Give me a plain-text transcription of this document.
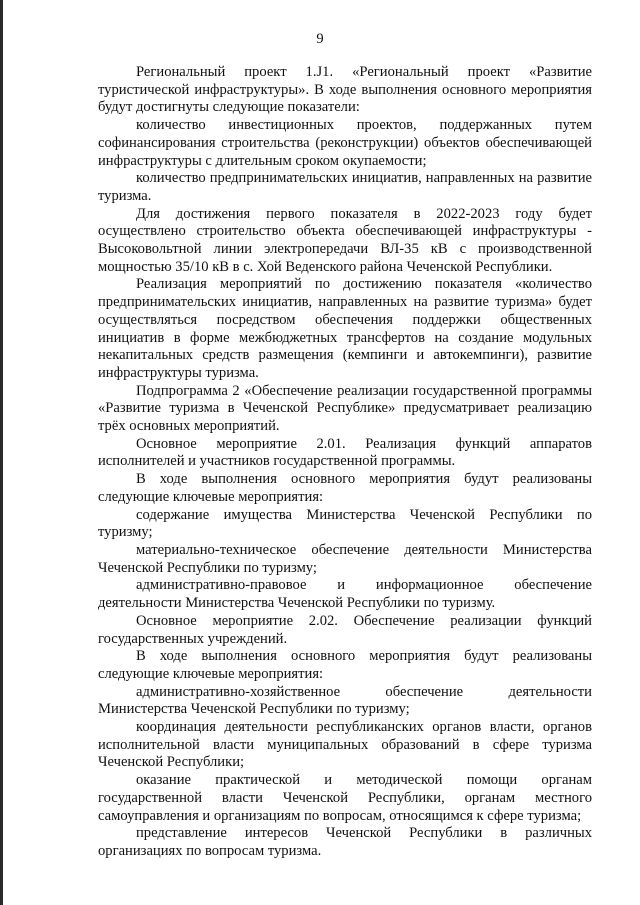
9

Региональный проект 1.J1. «Региональный проект «Развитие туристической инфраструктуры». В ходе выполнения основного мероприятия будут достигнуты следующие показатели:

количество инвестиционных проектов, поддержанных путем софинансирования строительства (реконструкции) объектов обеспечивающей инфраструктуры с длительным сроком окупаемости;

количество предпринимательских инициатив, направленных на развитие туризма.

Для достижения первого показателя в 2022-2023 году будет осуществлено строительство объекта обеспечивающей инфраструктуры - Высоковольтной линии электропередачи ВЛ-35 кВ с производственной мощностью 35/10 кВ в с. Хой Веденского района Чеченской Республики.

Реализация мероприятий по достижению показателя «количество предпринимательских инициатив, направленных на развитие туризма» будет осуществляться посредством обеспечения поддержки общественных инициатив в форме межбюджетных трансфертов на создание модульных некапитальных средств размещения (кемпинги и автокемпинги), развитие инфраструктуры туризма.

Подпрограмма 2 «Обеспечение реализации государственной программы «Развитие туризма в Чеченской Республике» предусматривает реализацию трёх основных мероприятий.

Основное мероприятие 2.01. Реализация функций аппаратов исполнителей и участников государственной программы.

В ходе выполнения основного мероприятия будут реализованы следующие ключевые мероприятия:

содержание имущества Министерства Чеченской Республики по туризму;

материально-техническое обеспечение деятельности Министерства Чеченской Республики по туризму;

административно-правовое и информационное обеспечение деятельности Министерства Чеченской Республики по туризму.

Основное мероприятие 2.02. Обеспечение реализации функций государственных учреждений.

В ходе выполнения основного мероприятия будут реализованы следующие ключевые мероприятия:

административно-хозяйственное обеспечение деятельности Министерства Чеченской Республики по туризму;

координация деятельности республиканских органов власти, органов исполнительной власти муниципальных образований в сфере туризма Чеченской Республики;

оказание практической и методической помощи органам государственной власти Чеченской Республики, органам местного самоуправления и организациям по вопросам, относящимся к сфере туризма;

представление интересов Чеченской Республики в различных организациях по вопросам туризма.
